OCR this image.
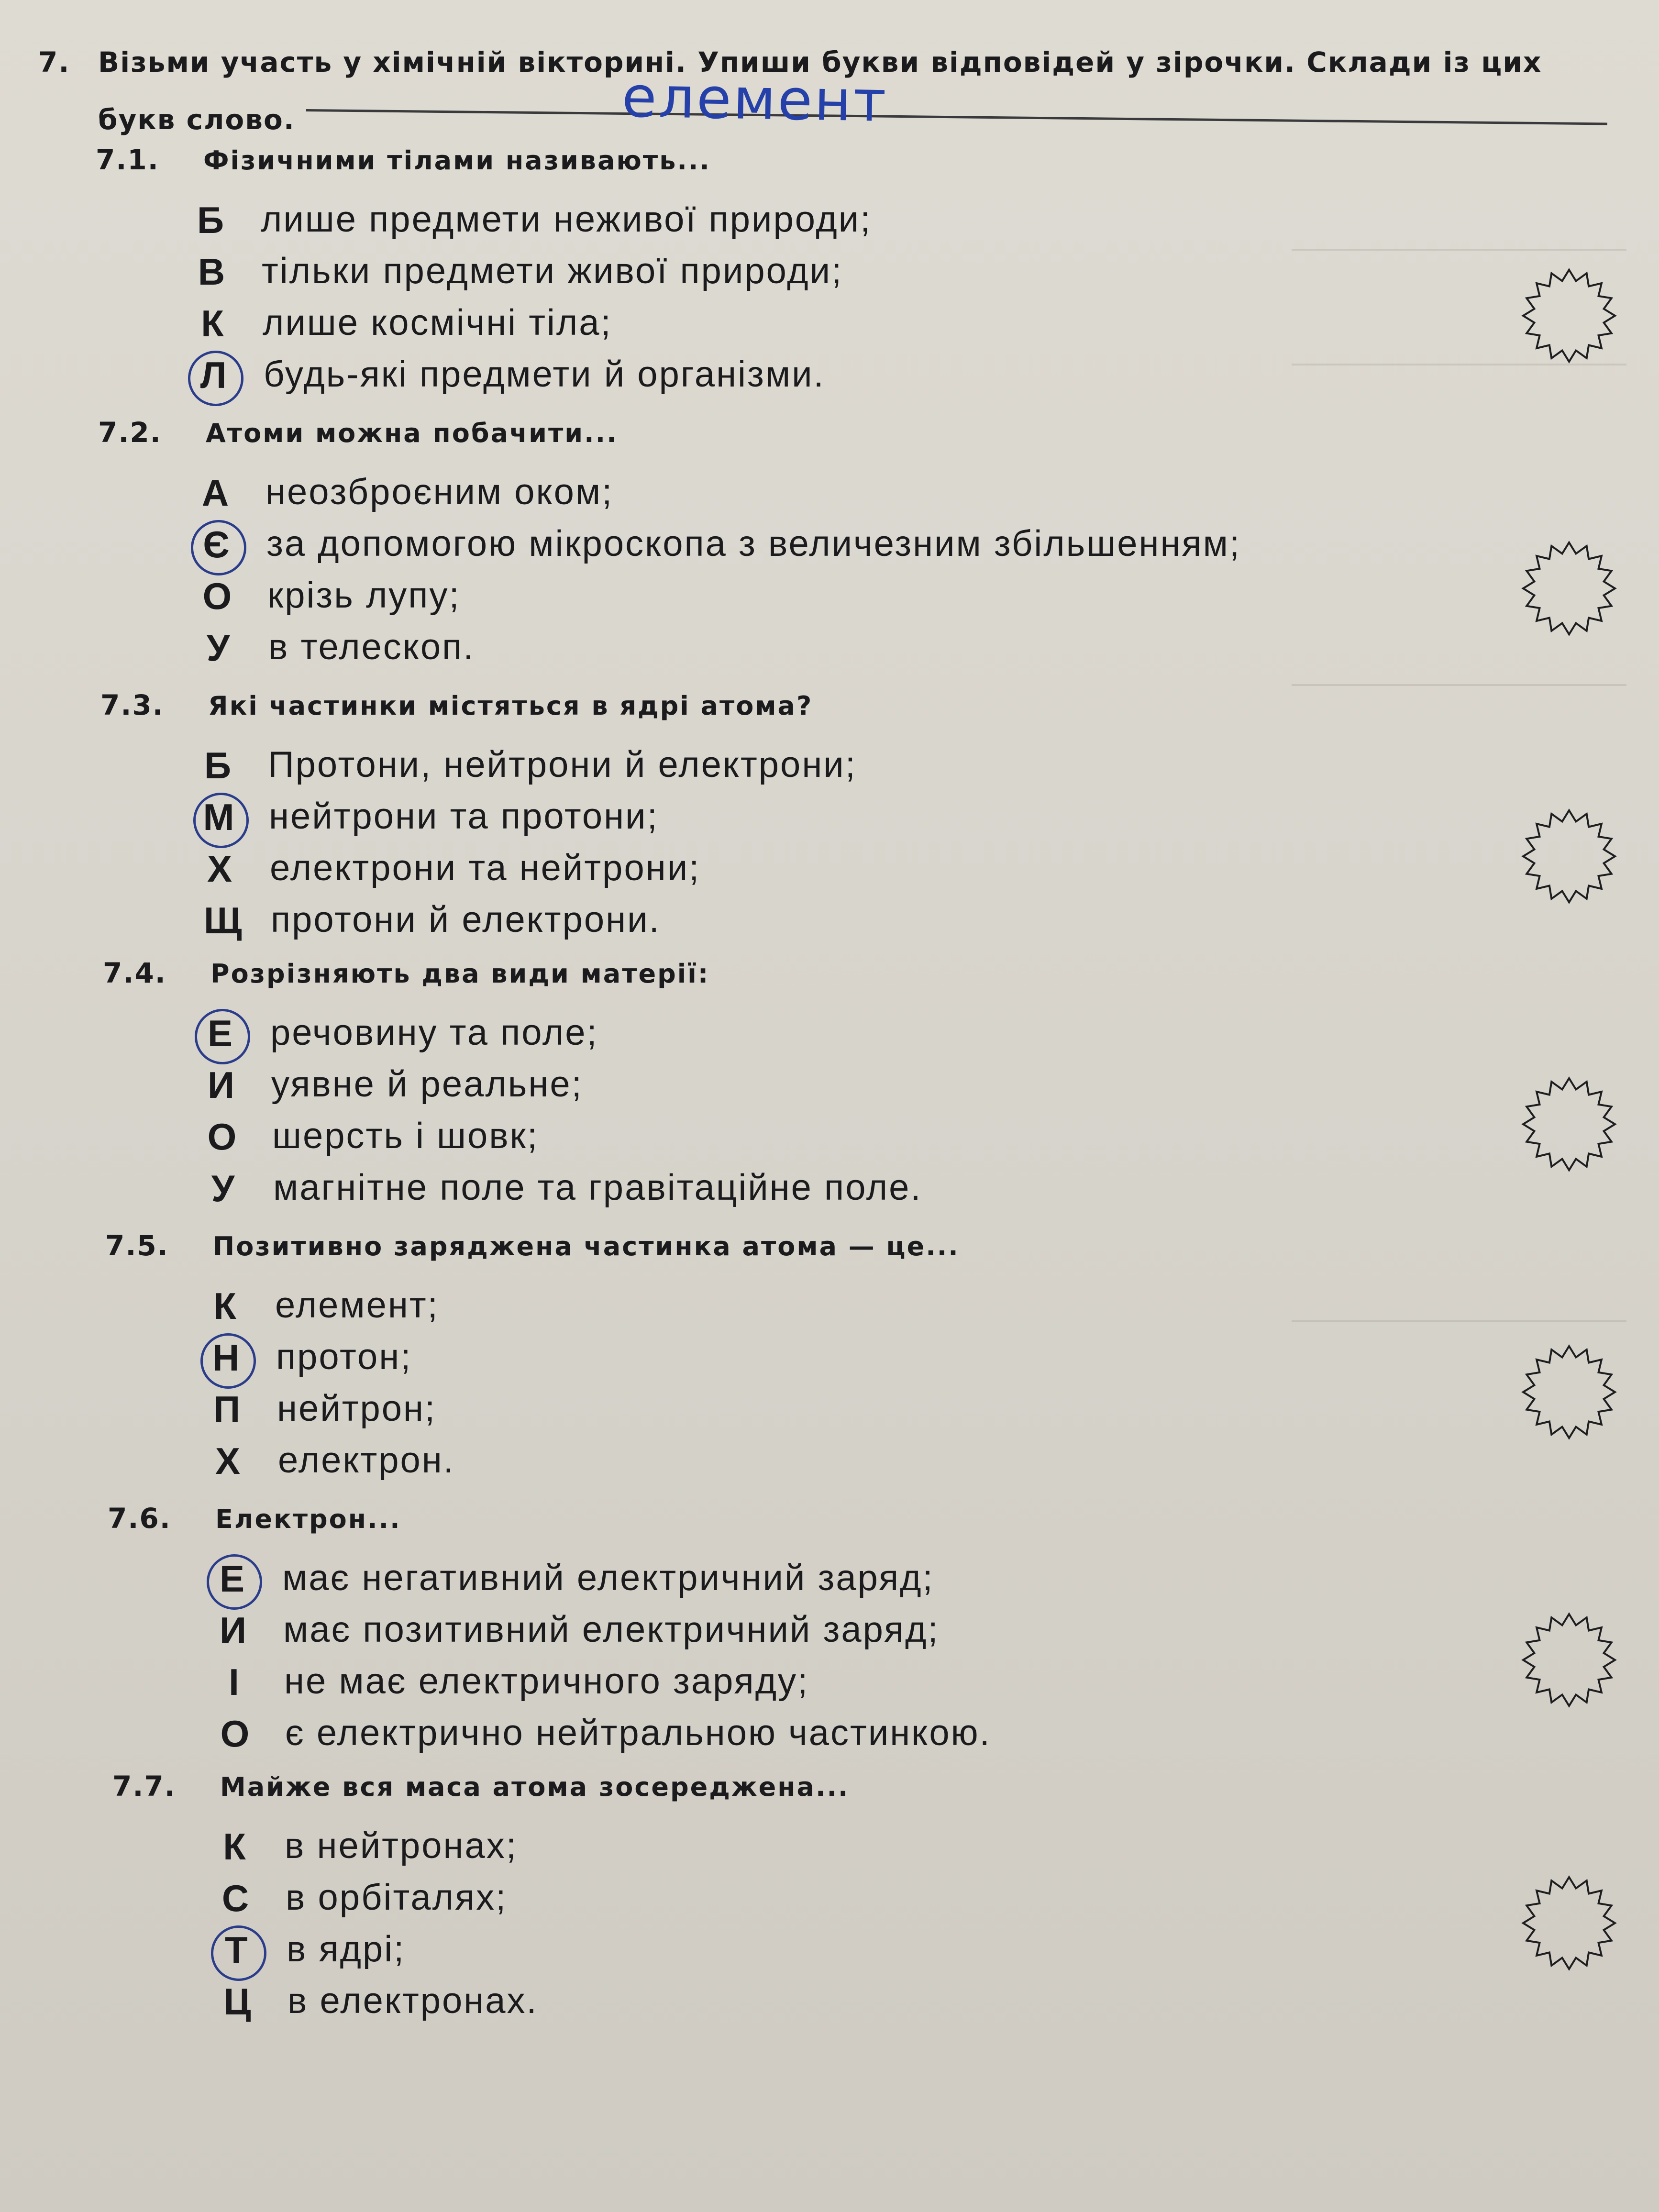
7. Візьми участь у хімічній вікторині. Упиши букви відповідей у зірочки. Склади із цих букв слово.	елемент
7.1. Фізичними тілами називають...
Б лише предмети неживої природи;
В тільки предмети живої природи;
К лише космічні тіла;
Л будь-які предмети й організми.
7.2. Атоми можна побачити...
А неозброєним оком;
Є за допомогою мікроскопа з величезним збільшенням;
О крізь лупу;
У в телескоп.
7.3. Які частинки містяться в ядрі атома?
Б Протони, нейтрони й електрони;
М нейтрони та протони;
Х електрони та нейтрони;
Щ протони й електрони.
7.4. Розрізняють два види матерії:
Е речовину та поле;
И уявне й реальне;
О шерсть і шовк;
У магнітне поле та гравітаційне поле.
7.5. Позитивно заряджена частинка атома — це...
К елемент;
Н протон;
П нейтрон;
Х електрон.
7.6. Електрон...
Е має негативний електричний заряд;
И має позитивний електричний заряд;
І	не має електричного заряду;
О є електрично нейтральною частинкою.
7.7. Майже вся маса атома зосереджена...
К в нейтронах;
С в орбіталях;
Т в ядрі;
Ц в електронах.
